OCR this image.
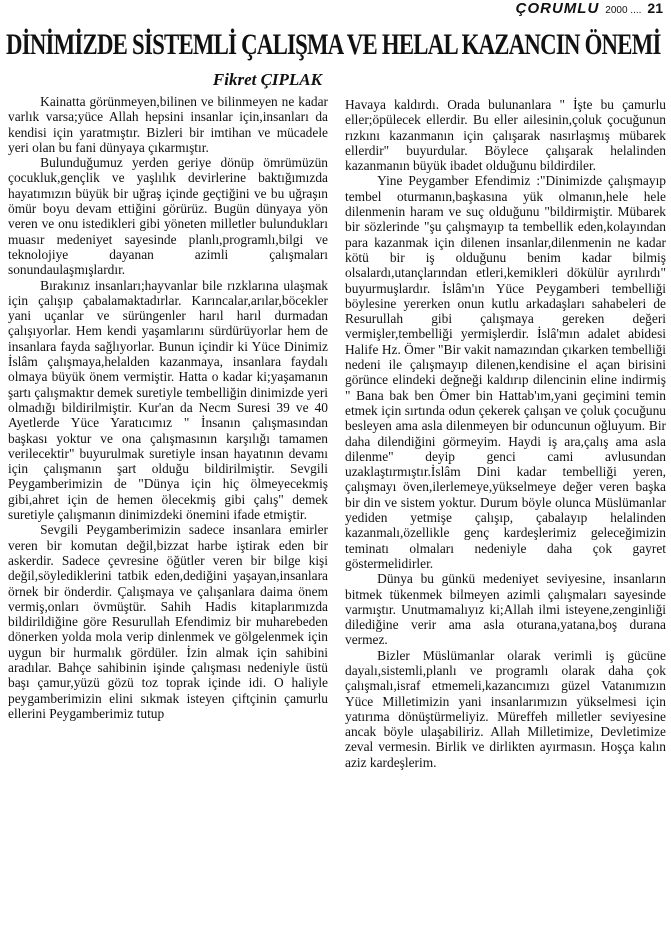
ÇORUMLU 2000 .... 21
DİNİMİZDE SİSTEMLİ ÇALIŞMA VE HELAL KAZANCIN ÖNEMİ
Fikret ÇIPLAK

Kainatta görünmeyen,bilinen ve bilinmeyen ne kadar varlık varsa;yüce Allah hepsini insanlar için,insanları da kendisi için yaratmıştır. Bizleri bir imtihan ve mücadele yeri olan bu fani dünyaya çıkarmıştır.

Bulunduğumuz yerden geriye dönüp ömrümüzün çocukluk,gençlik ve yaşlılık devirlerine baktığımızda hayatımızın büyük bir uğraş içinde geçtiğini ve bu uğraşın ömür boyu devam ettiğini görürüz. Bugün dünyaya yön veren ve onu istedikleri gibi yöneten milletler bulundukları muasır medeniyet sayesinde planlı,programlı,bilgi ve teknolojiye dayanan azimli çalışmaları sonundaulaşmışlardır.

Bırakınız insanları;hayvanlar bile rızklarına ulaşmak için çalışıp çabalamaktadırlar. Karıncalar,arılar,böcekler yani uçanlar ve sürüngenler harıl harıl durmadan çalışıyorlar. Hem kendi yaşamlarını sürdürüyorlar hem de insanlara fayda sağlıyorlar. Bunun içindir ki Yüce Dinimiz İslâm çalışmaya,helalden kazanmaya, insanlara faydalı olmaya büyük önem vermiştir. Hatta o kadar ki;yaşamanın şartı çalışmaktır demek suretiyle tembelliğin dinimizde yeri olmadığı bildirilmiştir. Kur'an da Necm Suresi 39 ve 40 Ayetlerde Yüce Yaratıcımız " İnsanın çalışmasından başkası yoktur ve ona çalışmasının karşılığı tamamen verilecektir" buyurulmak suretiyle insan hayatının devamı için çalışmanın şart olduğu bildirilmiştir. Sevgili Peygamberimizin de "Dünya için hiç ölmeyecekmiş gibi,ahret için de hemen ölecekmiş gibi çalış" demek suretiyle çalışmanın dinimizdeki önemini ifade etmiştir.

Sevgili Peygamberimizin sadece insanlara emirler veren bir komutan değil,bizzat harbe iştirak eden bir askerdir. Sadece çevresine öğütler veren bir bilge kişi değil,söylediklerini tatbik eden,dediğini yaşayan,insanlara örnek bir önderdir. Çalışmaya ve çalışanlara daima önem vermiş,onları övmüştür. Sahih Hadis kitaplarımızda bildirildiğine göre Resurullah Efendimiz bir muharebeden dönerken yolda mola verip dinlenmek ve gölgelenmek için uygun bir hurmalık gördüler. İzin almak için sahibini aradılar. Bahçe sahibinin işinde çalışması nedeniyle üstü başı çamur,yüzü gözü toz toprak içinde idi. O haliyle peygamberimizin elini sıkmak isteyen çiftçinin çamurlu ellerini Peygamberimiz tutup

Havaya kaldırdı. Orada bulunanlara " İşte bu çamurlu eller;öpülecek ellerdir. Bu eller ailesinin,çoluk çocuğunun rızkını kazanmanın için çalışarak nasırlaşmış mübarek ellerdir" buyurdular. Böylece çalışarak helalinden kazanmanın büyük ibadet olduğunu bildirdiler.

Yine Peygamber Efendimiz :"Dinimizde çalışmayıp tembel oturmanın,başkasına yük olmanın,hele hele dilenmenin haram ve suç olduğunu "bildirmiştir. Mübarek bir sözlerinde "şu çalışmayıp ta tembellik eden,kolayından para kazanmak için dilenen insanlar,dilenmenin ne kadar kötü bir iş olduğunu benim kadar bilmiş olsalardı,utançlarından etleri,kemikleri dökülür ayrılırdı" buyurmuşlardır. İslâm'ın Yüce Peygamberi tembelliği böylesine yererken onun kutlu arkadaşları sahabeleri de Resurullah gibi çalışmaya gereken değeri vermişler,tembelliği yermişlerdir. İslâ'mın adalet abidesi Halife Hz. Ömer "Bir vakit namazından çıkarken tembelliği nedeni ile çalışmayıp dilenen,kendisine el açan birisini görünce elindeki değneği kaldırıp dilencinin eline indirmiş " Bana bak ben Ömer bin Hattab'ım,yani geçimini temin etmek için sırtında odun çekerek çalışan ve çoluk çocuğunu besleyen ama asla dilenmeyen bir oduncunun oğluyum. Bir daha dilendiğini görmeyim. Haydi iş ara,çalış ama asla dilenme" deyip genci cami avlusundan uzaklaştırmıştır.İslâm Dini kadar tembelliği yeren, çalışmayı öven,ilerlemeye,yükselmeye değer veren başka bir din ve sistem yoktur. Durum böyle olunca Müslümanlar yediden yetmişe çalışıp, çabalayıp helalinden kazanmalı,özellikle genç kardeşlerimiz geleceğimizin teminatı olmaları nedeniyle daha çok gayret göstermelidirler.

Dünya bu günkü medeniyet seviyesine, insanların bitmek tükenmek bilmeyen azimli çalışmaları sayesinde varmıştır. Unutmamalıyız ki;Allah ilmi isteyene,zenginliği dilediğine verir ama asla oturana,yatana,boş durana vermez.

Bizler Müslümanlar olarak verimli iş gücüne dayalı,sistemli,planlı ve programlı olarak daha çok çalışmalı,israf etmemeli,kazancımızı güzel Vatanımızın Yüce Milletimizin yani insanlarımızın yükselmesi için yatırıma dönüştürmeliyiz. Müreffeh milletler seviyesine ancak böyle ulaşabiliriz. Allah Milletimize, Devletimize zeval vermesin. Birlik ve dirlikten ayırmasın. Hoşça kalın aziz kardeşlerim.
